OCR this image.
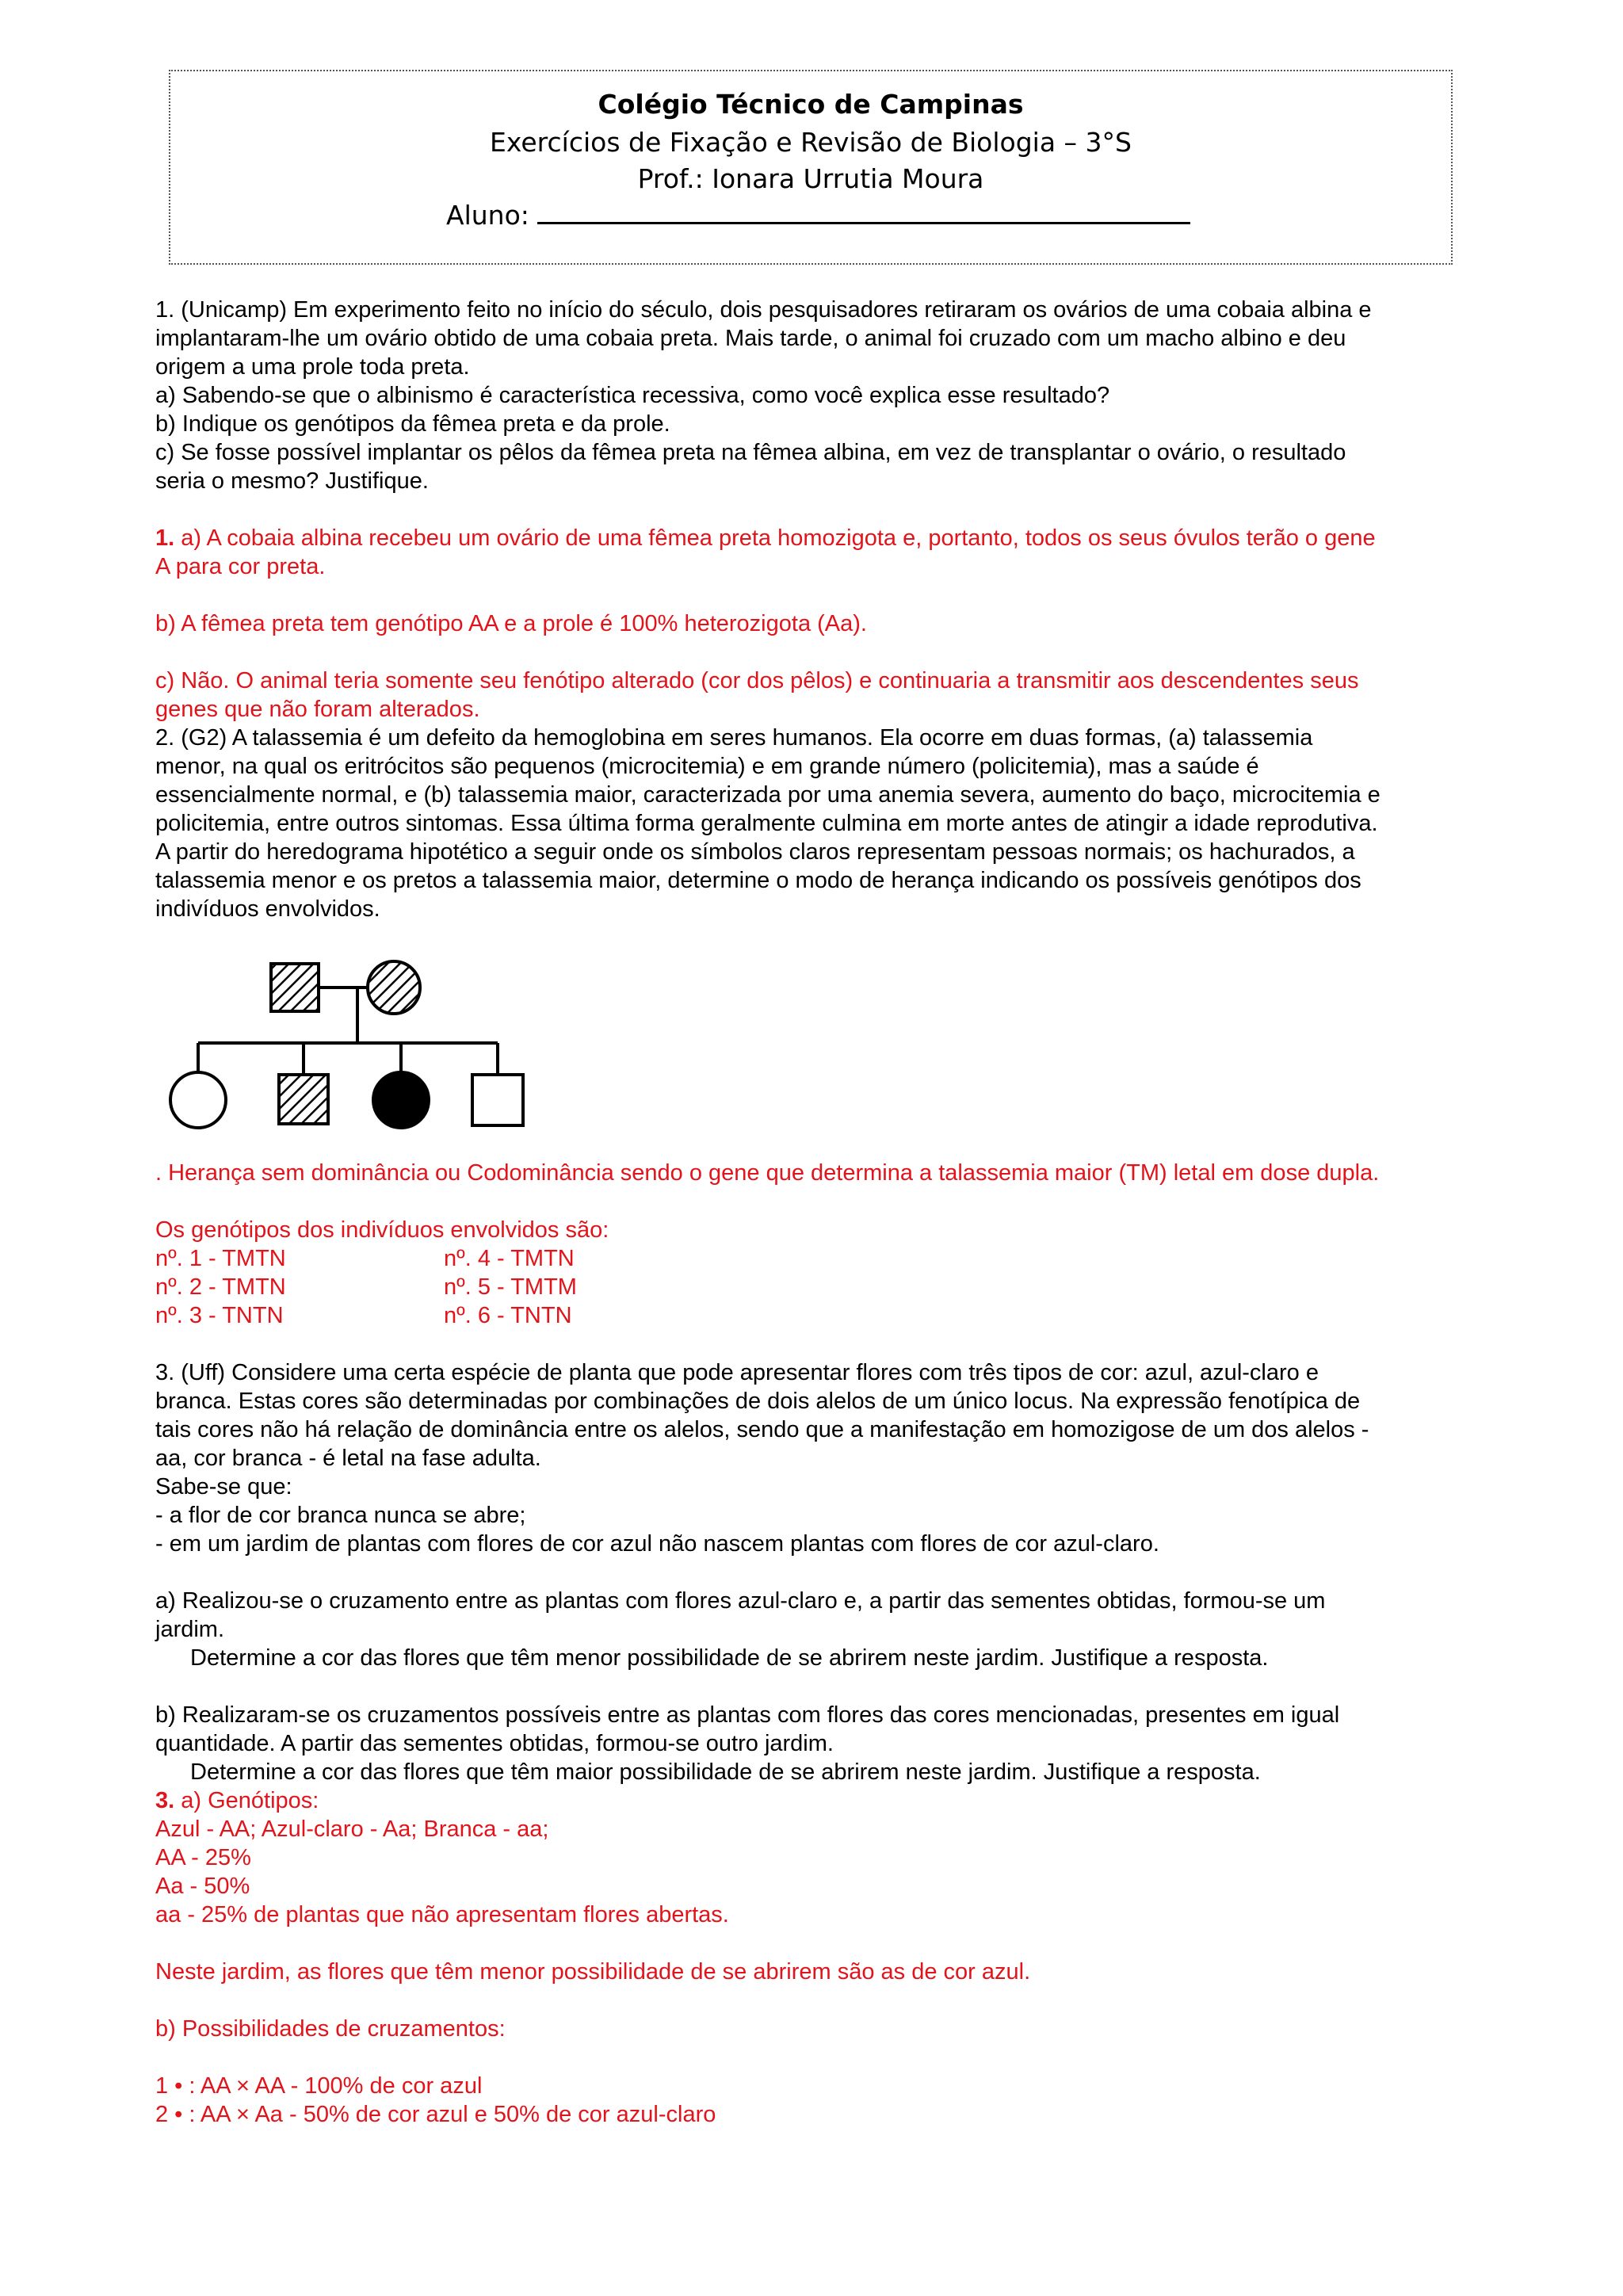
Colégio Técnico de Campinas
Exercícios de Fixação e Revisão de Biologia – 3°S
Prof.: Ionara Urrutia Moura
Aluno:

1. (Unicamp) Em experimento feito no início do século, dois pesquisadores retiraram os ovários de uma cobaia albina e

implantaram-lhe um ovário obtido de uma cobaia preta. Mais tarde, o animal foi cruzado com um macho albino e deu

origem a uma prole toda preta.

a) Sabendo-se que o albinismo é característica recessiva, como você explica esse resultado?

b) Indique os genótipos da fêmea preta e da prole.

c) Se fosse possível implantar os pêlos da fêmea preta na fêmea albina, em vez de transplantar o ovário, o resultado

seria o mesmo? Justifique.

1. a) A cobaia albina recebeu um ovário de uma fêmea preta homozigota e, portanto, todos os seus óvulos terão o gene

A para cor preta.

b) A fêmea preta tem genótipo AA e a prole é 100% heterozigota (Aa).

c) Não. O animal teria somente seu fenótipo alterado (cor dos pêlos) e continuaria a transmitir aos descendentes seus

genes que não foram alterados.

2. (G2) A talassemia é um defeito da hemoglobina em seres humanos. Ela ocorre em duas formas, (a) talassemia

menor, na qual os eritrócitos são pequenos (microcitemia) e em grande número (policitemia), mas a saúde é

essencialmente normal, e (b) talassemia maior, caracterizada por uma anemia severa, aumento do baço, microcitemia e

policitemia, entre outros sintomas. Essa última forma geralmente culmina em morte antes de atingir a idade reprodutiva.

A partir do heredograma hipotético a seguir onde os símbolos claros representam pessoas normais; os hachurados, a

talassemia menor e os pretos a talassemia maior, determine o modo de herança indicando os possíveis genótipos dos

indivíduos envolvidos.

. Herança sem dominância ou Codominância sendo o gene que determina a talassemia maior (TM) letal em dose dupla.

Os genótipos dos indivíduos envolvidos são:

nº. 1 - TMTN	nº. 4 - TMTN
nº. 2 - TMTN	nº. 5 - TMTM
nº. 3 - TNTN	nº. 6 - TNTN

3. (Uff) Considere uma certa espécie de planta que pode apresentar flores com três tipos de cor: azul, azul-claro e

branca. Estas cores são determinadas por combinações de dois alelos de um único locus. Na expressão fenotípica de

tais cores não há relação de dominância entre os alelos, sendo que a manifestação em homozigose de um dos alelos -

aa, cor branca - é letal na fase adulta.

Sabe-se que:

- a flor de cor branca nunca se abre;

- em um jardim de plantas com flores de cor azul não nascem plantas com flores de cor azul-claro.

a) Realizou-se o cruzamento entre as plantas com flores azul-claro e, a partir das sementes obtidas, formou-se um

jardim.

Determine a cor das flores que têm menor possibilidade de se abrirem neste jardim. Justifique a resposta.

b) Realizaram-se os cruzamentos possíveis entre as plantas com flores das cores mencionadas, presentes em igual

quantidade. A partir das sementes obtidas, formou-se outro jardim.

Determine a cor das flores que têm maior possibilidade de se abrirem neste jardim. Justifique a resposta.

3. a) Genótipos:

Azul - AA; Azul-claro - Aa; Branca - aa;

AA - 25%

Aa - 50%

aa - 25% de plantas que não apresentam flores abertas.

Neste jardim, as flores que têm menor possibilidade de se abrirem são as de cor azul.

b) Possibilidades de cruzamentos:

1 • : AA × AA - 100% de cor azul

2 • : AA × Aa - 50% de cor azul e 50% de cor azul-claro
